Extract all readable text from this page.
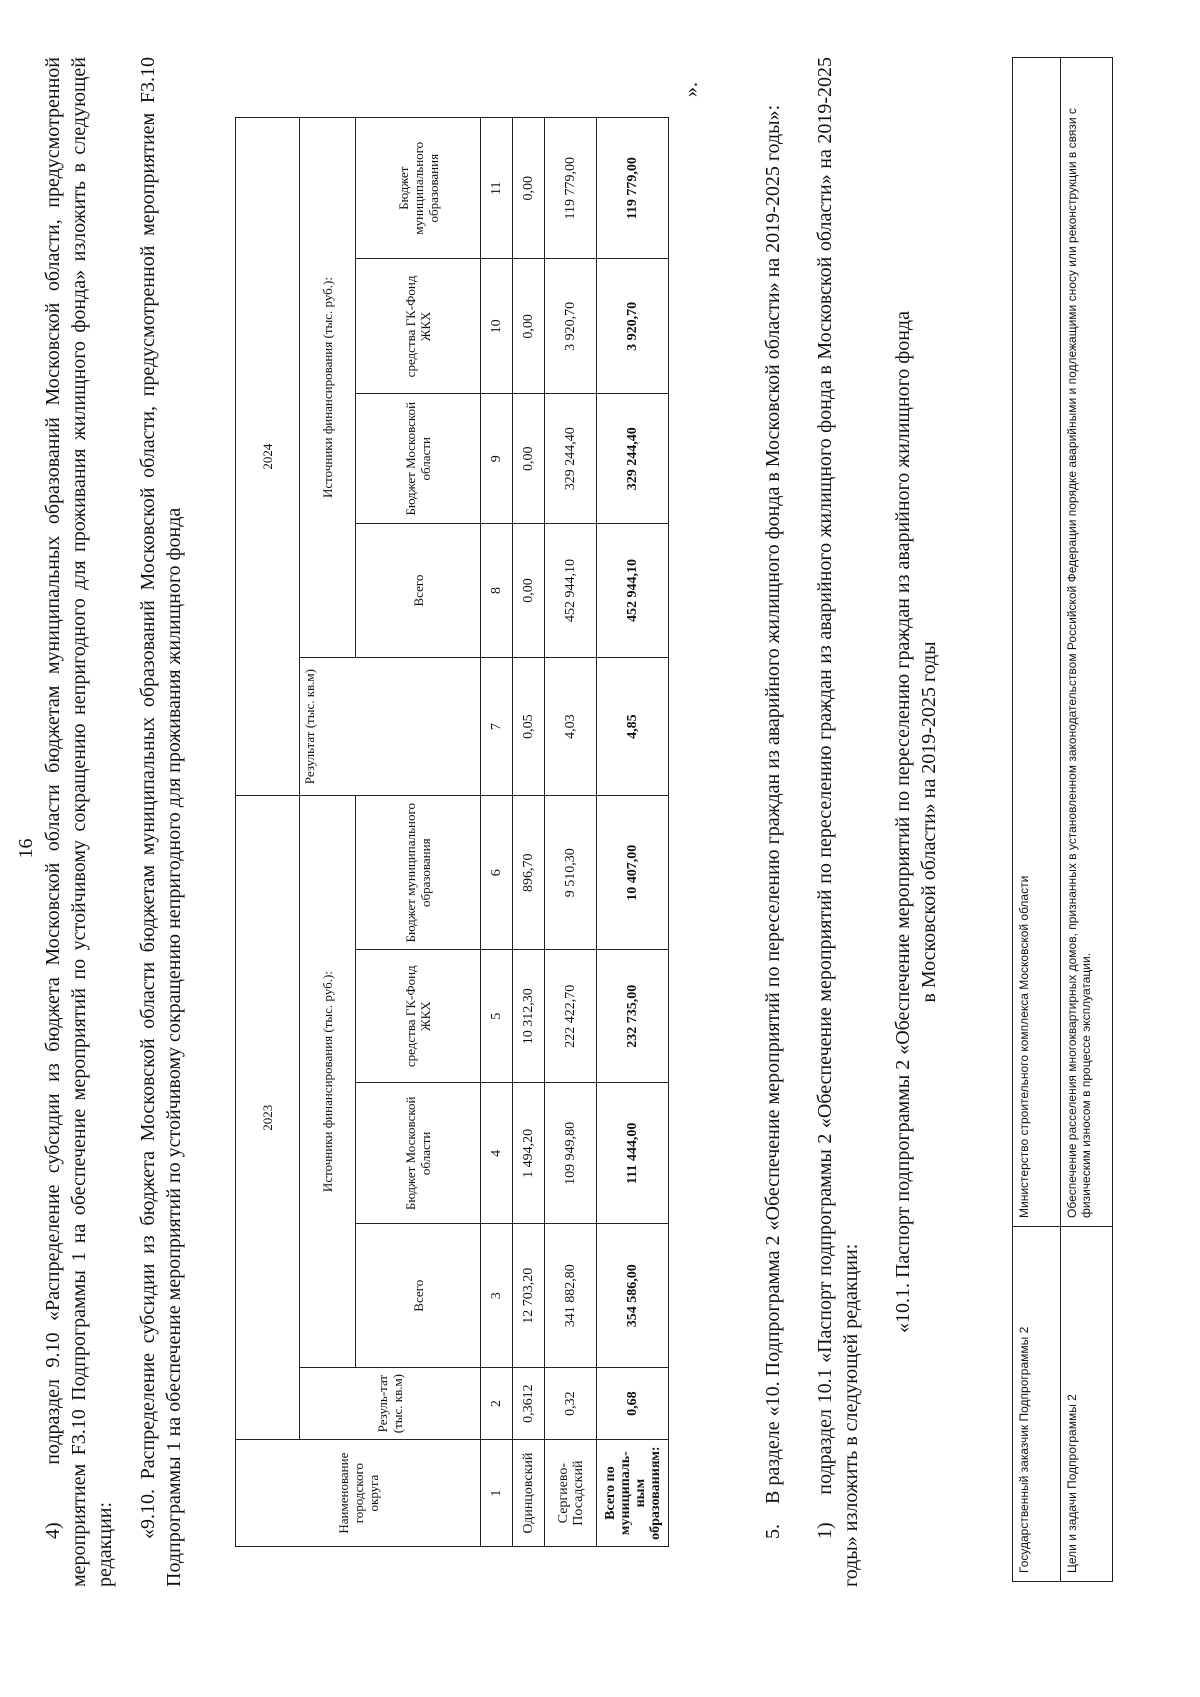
16 4)     подраздел 9.10 «Распределение субсидии из бюджета Московской области бюджетам муниципальных образований Московской области, предусмотренной мероприятием F3.10 Подпрограммы 1 на обеспечение мероприятий по устойчивому сокращению непригодного для проживания жилищного фонда» изложить в следующей редакции:

«9.10. Распределение субсидии из бюджета Московской области бюджетам муниципальных образований Московской области, предусмотренной мероприятием F3.10 Подпрограммы 1 на обеспечение мероприятий по устойчивому сокращению непригодного для проживания жилищного фонда	Наименование городского округа	2023					2024				
	Резуль-тат (тыс. кв.м)	Источники финансирования (тыс. руб.):				Результат (тыс. кв.м)	Источники финансирования (тыс. руб.):			
		Всего	Бюджет Московской области	средства ГК-Фонд ЖКХ	Бюджет муниципального образования		Всего	Бюджет Московской области	средства ГК-Фонд ЖКХ	Бюджет муниципального образования
1	2	3	4	5	6	7	8	9	10	11
Одинцовский	0,3612	12 703,20	1 494,20	10 312,30	896,70	0,05	0,00	0,00	0,00	0,00
Сергиево-Посадский	0,32	341 882,80	109 949,80	222 422,70	9 510,30	4,03	452 944,10	329 244,40	3 920,70	119 779,00
Всего по муниципаль-ным образованиям:	0,68	354 586,00	111 444,00	232 735,00	10 407,00	4,85	452 944,10	329 244,40	3 920,70	119 779,00
».

5.    В разделе «10. Подпрограмма 2 «Обеспечение мероприятий по переселению граждан из аварийного жилищного фонда в Московской области» на 2019-2025 годы»: 1)     подраздел 10.1 «Паспорт подпрограммы 2 «Обеспечение мероприятий по переселению граждан из аварийного жилищного фонда в Московской области» на 2019-2025 годы» изложить в следующей редакции:

«10.1. Паспорт подпрограммы 2 «Обеспечение мероприятий по переселению граждан из аварийного жилищного фонда в Московской области» на 2019-2025 годы
Государственный заказчик Подпрограммы 2	Министерство строительного комплекса Московской области
Цели и задачи Подпрограммы 2	Обеспечение расселения многоквартирных домов, признанных в установленном законодательством Российской Федерации порядке аварийными и подлежащими сносу или реконструкции в связи с физическим износом в процессе эксплуатации.
